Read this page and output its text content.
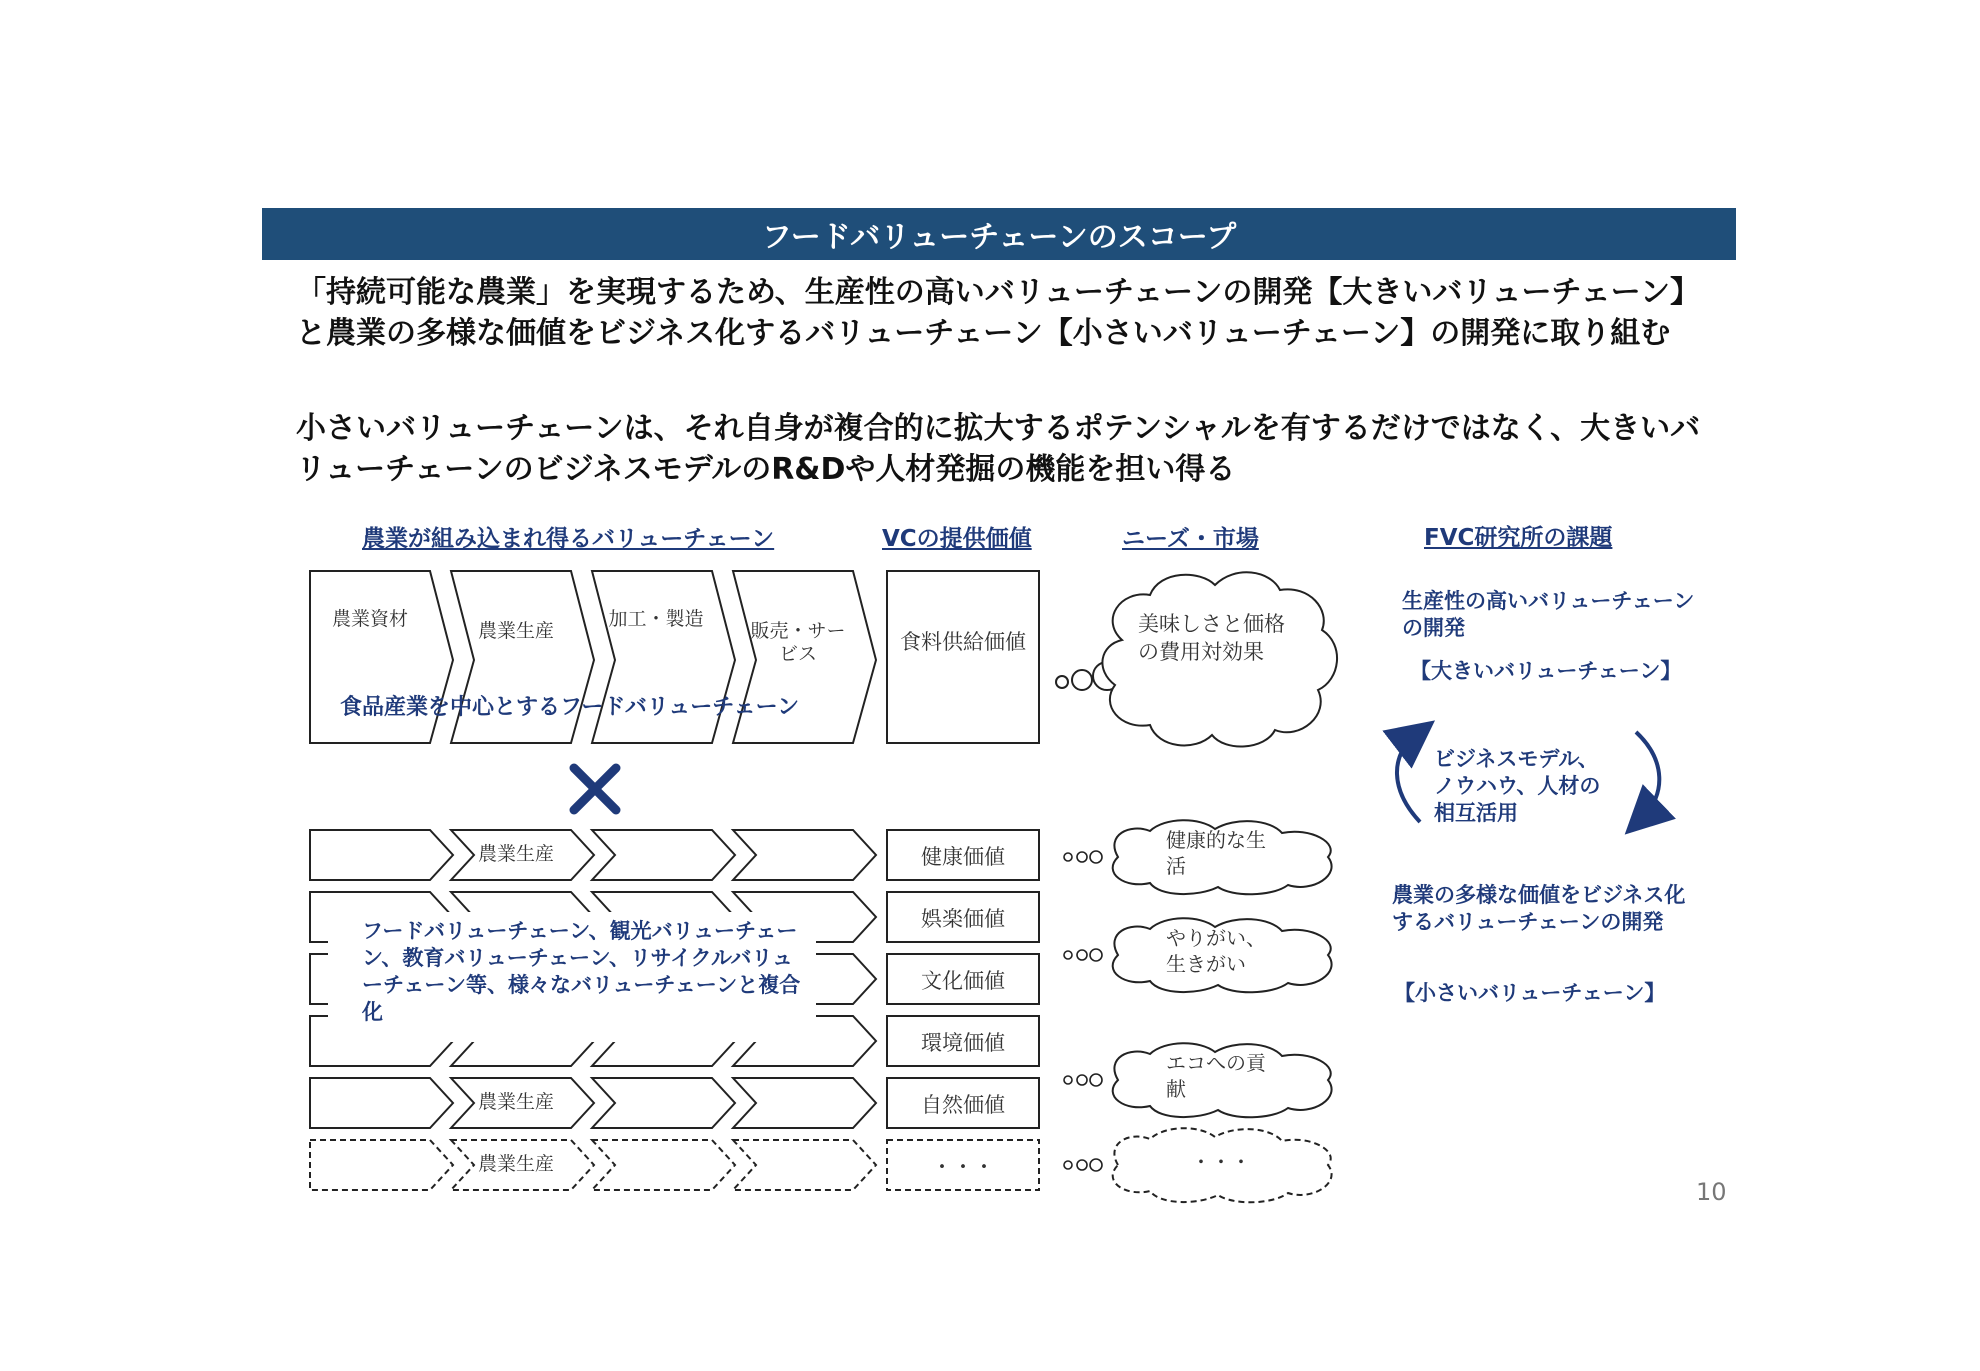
フードバリューチェーンのスコープ
「持続可能な農業」を実現するため、生産性の高いバリューチェーンの開発【大きいバリューチェーン】と農業の多様な価値をビジネス化するバリューチェーン【小さいバリューチェーン】の開発に取り組む
小さいバリューチェーンは、それ自身が複合的に拡大するポテンシャルを有するだけではなく、大きいバリューチェーンのビジネスモデルのR&Dや人材発掘の機能を担い得る
農業が組み込まれ得るバリューチェーン	VCの提供価値	ニーズ・市場	FVC研究所の課題
農業資材
農業生産
加工・製造
販売・サービス
食品産業を中心とするフードバリューチェーン
食料供給価値
美味しさと価格の費用対効果
健康価値
農業生産
娯楽価値
文化価値
環境価値
自然価値
農業生産
・・・
農業生産
健康的な生活
やりがい、生きがい
エコへの貢献
・・・
フードバリューチェーン、観光バリューチェーン、教育バリューチェーン、リサイクルバリューチェーン等、様々なバリューチェーンと複合化
生産性の高いバリューチェーンの開発
【大きいバリューチェーン】
ビジネスモデル、ノウハウ、人材の相互活用
農業の多様な価値をビジネス化するバリューチェーンの開発
【小さいバリューチェーン】
10
